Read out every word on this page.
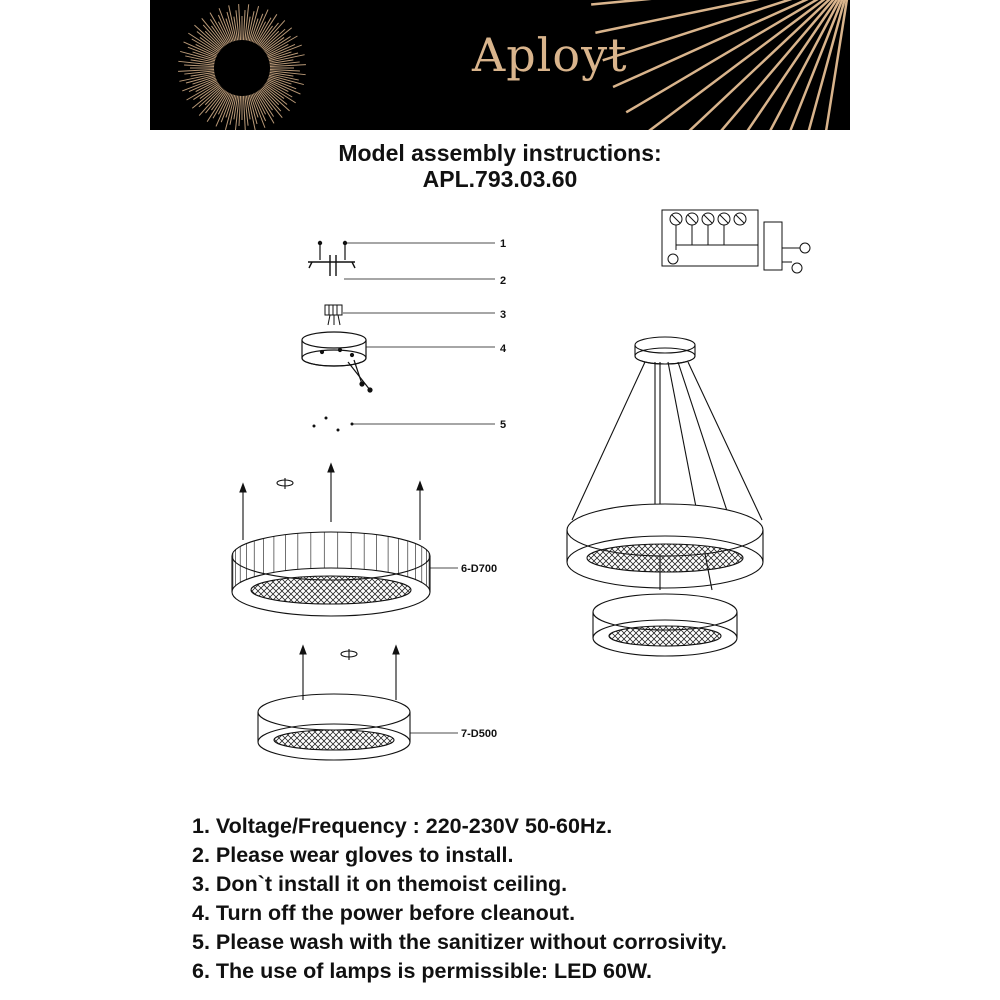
Aployt
Model assembly instructions:
APL.793.03.60
1
2
3
4
5
6-D700
7-D500
1. Voltage/Frequency : 220-230V 50-60Hz.
2. Please wear gloves to install.
3. Don`t install it on themoist ceiling.
4. Turn off the power before cleanout.
5. Please wash with the sanitizer without corrosivity.
6. The use of lamps is permissible: LED 60W.
